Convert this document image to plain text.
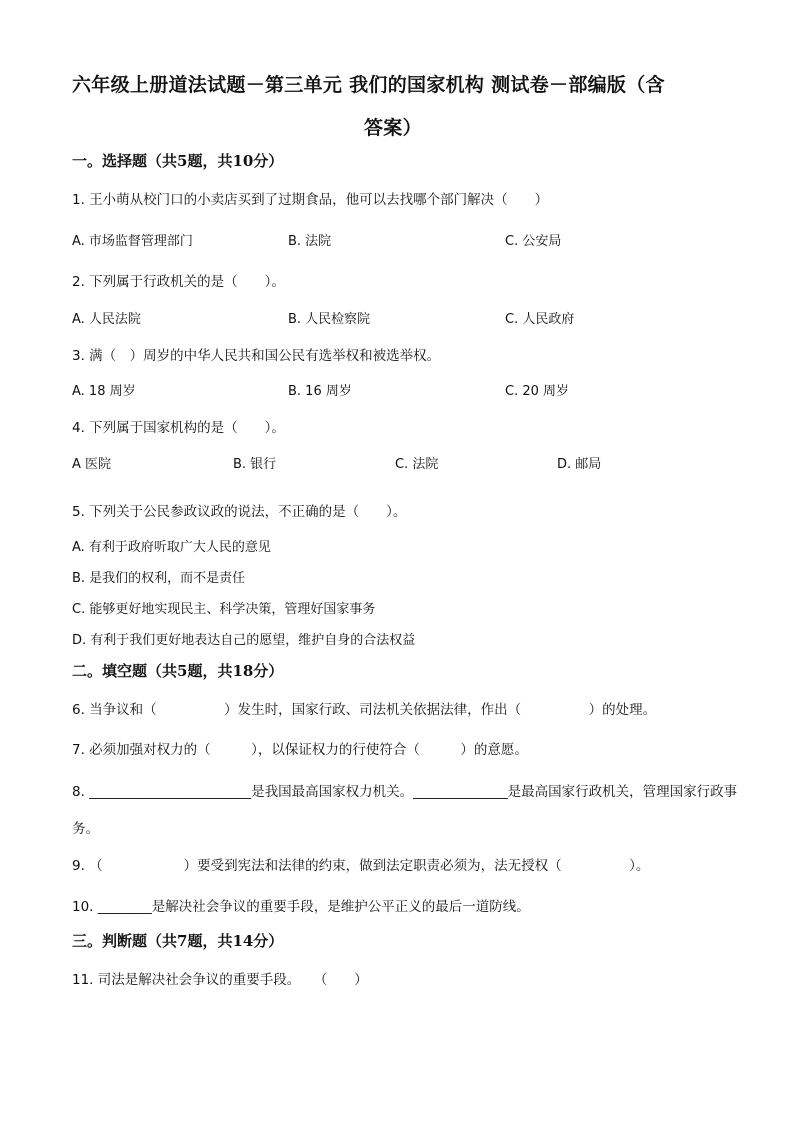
六年级上册道法试题－第三单元 我们的国家机构 测试卷－部编版（含
答案）
一。选择题（共5题，共10分）
1. 王小萌从校门口的小卖店买到了过期食品，他可以去找哪个部门解决（　　）
A. 市场监督管理部门	B. 法院	C. 公安局
2. 下列属于行政机关的是（　　）。
A. 人民法院	B. 人民检察院	C. 人民政府
3. 满（　）周岁的中华人民共和国公民有选举权和被选举权。
A. 18 周岁	B. 16 周岁	C. 20 周岁
4. 下列属于国家机构的是（　　）。
A 医院	B. 银行	C. 法院	D. 邮局
5. 下列关于公民参政议政的说法，不正确的是（　　）。
A. 有利于政府听取广大人民的意见
B. 是我们的权利，而不是责任
C. 能够更好地实现民主、科学决策，管理好国家事务
D. 有利于我们更好地表达自己的愿望，维护自身的合法权益
二。填空题（共5题，共18分）
6. 当争议和（　　　　　）发生时，国家行政、司法机关依据法律，作出（　　　　　）的处理。
7. 必须加强对权力的（　　　），以保证权力的行使符合（　　　）的意愿。
8. ________________________是我国最高国家权力机关。______________是最高国家行政机关，管理国家行政事
务。
9. （　　　　　　）要受到宪法和法律的约束，做到法定职责必须为，法无授权（　　　　　）。
10. ________是解决社会争议的重要手段，是维护公平正义的最后一道防线。
三。判断题（共7题，共14分）
11. 司法是解决社会争议的重要手段。　　（　　）
